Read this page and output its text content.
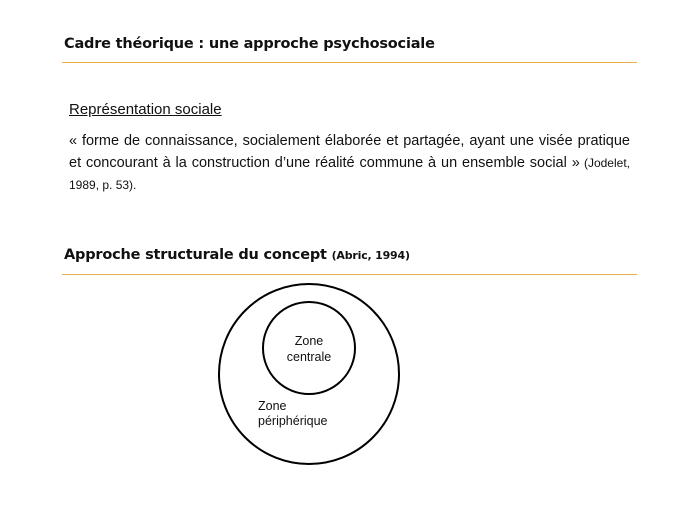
Cadre théorique : une approche psychosociale
Représentation sociale
« forme de connaissance, socialement élaborée et partagée, ayant une visée pratique et concourant à la construction d’une réalité commune à un ensemble social » (Jodelet, 1989, p. 53).
Approche structurale du concept (Abric, 1994)
Zone
centrale
Zone
périphérique
